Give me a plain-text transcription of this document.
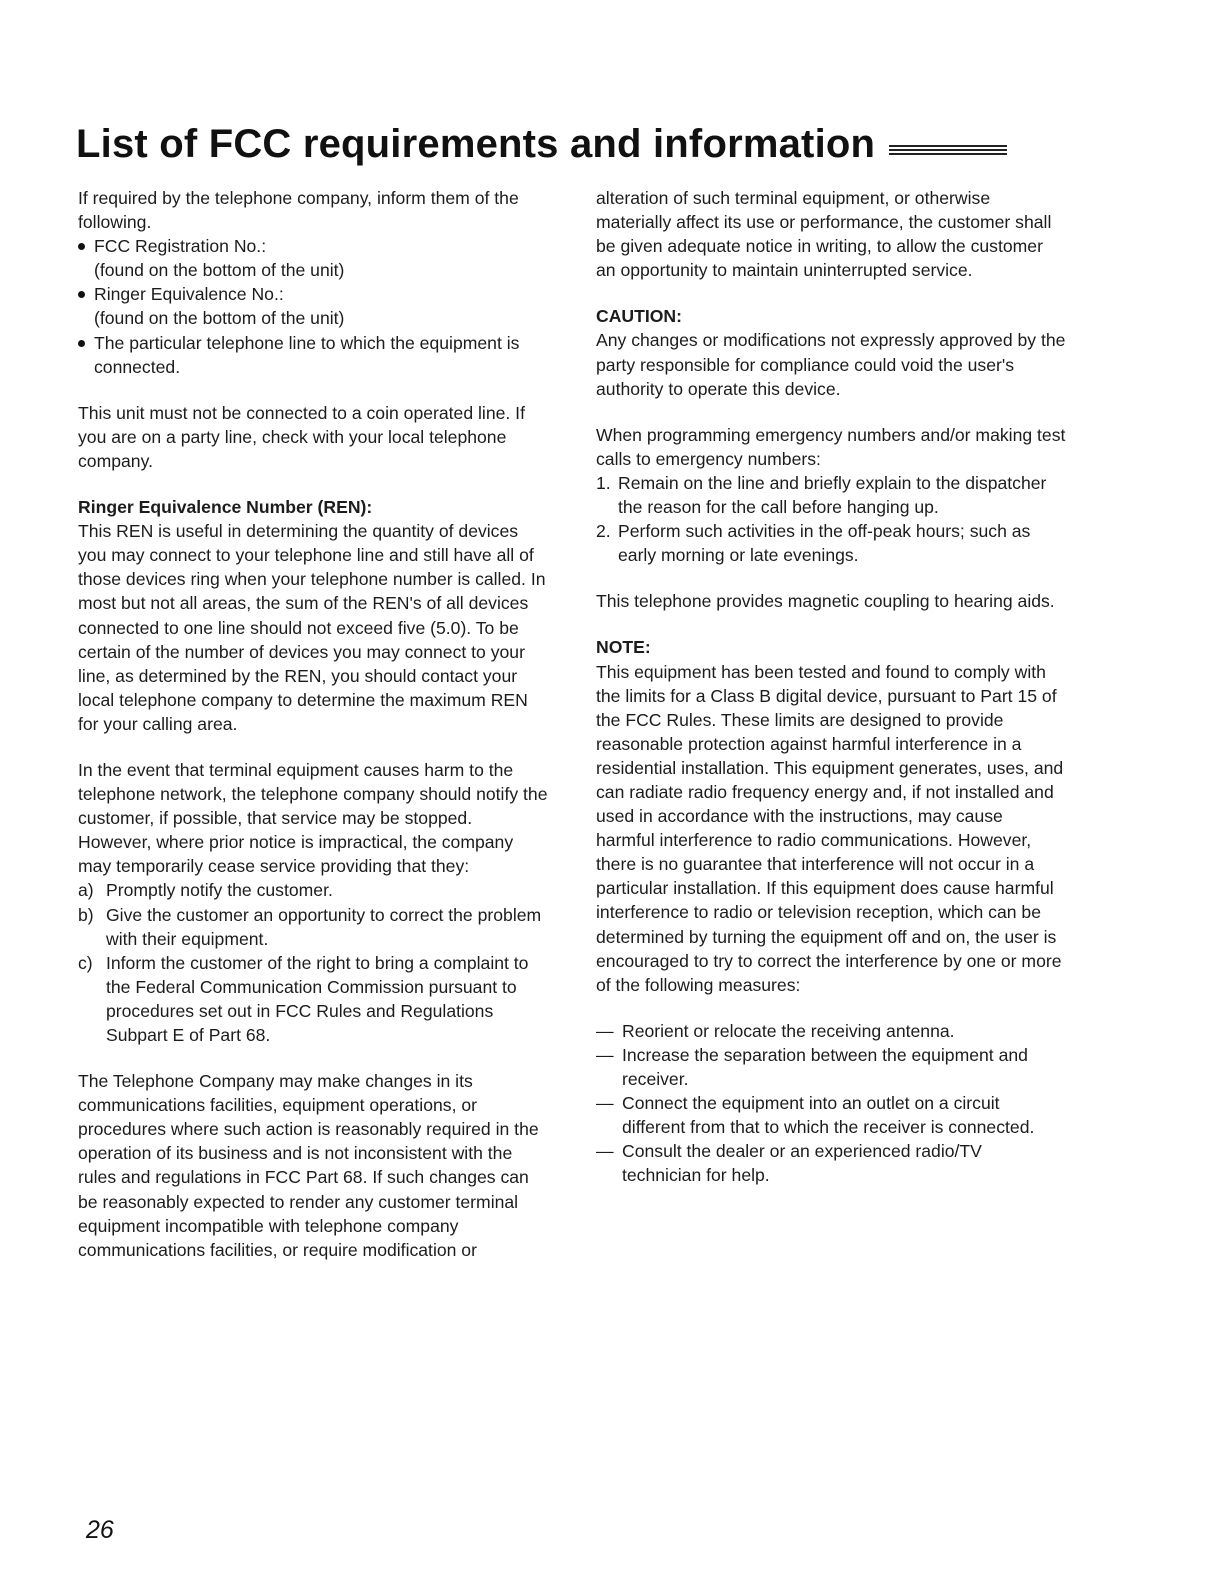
List of FCC requirements and information

If required by the telephone company, inform them of the following.

FCC Registration No.:
(found on the bottom of the unit)
Ringer Equivalence No.:
(found on the bottom of the unit)
The particular telephone line to which the equipment is connected.

This unit must not be connected to a coin operated line. If you are on a party line, check with your local telephone company.

Ringer Equivalence Number (REN):

This REN is useful in determining the quantity of devices you may connect to your telephone line and still have all of those devices ring when your telephone number is called. In most but not all areas, the sum of the REN's of all devices connected to one line should not exceed five (5.0). To be certain of the number of devices you may connect to your line, as determined by the REN, you should contact your local telephone company to determine the maximum REN for your calling area.

In the event that terminal equipment causes harm to the telephone network, the telephone company should notify the customer, if possible, that service may be stopped. However, where prior notice is impractical, the company may temporarily cease service providing that they:

a) Promptly notify the customer.
b) Give the customer an opportunity to correct the problem with their equipment.
c) Inform the customer of the right to bring a complaint to the Federal Communication Commission pursuant to procedures set out in FCC Rules and Regulations Subpart E of Part 68.

The Telephone Company may make changes in its communications facilities, equipment operations, or procedures where such action is reasonably required in the operation of its business and is not inconsistent with the rules and regulations in FCC Part 68. If such changes can be reasonably expected to render any customer terminal equipment incompatible with telephone company communications facilities, or require modification or

alteration of such terminal equipment, or otherwise materially affect its use or performance, the customer shall be given adequate notice in writing, to allow the customer an opportunity to maintain uninterrupted service.

CAUTION:

Any changes or modifications not expressly approved by the party responsible for compliance could void the user's authority to operate this device.

When programming emergency numbers and/or making test calls to emergency numbers:

1. Remain on the line and briefly explain to the dispatcher the reason for the call before hanging up.
2. Perform such activities in the off-peak hours; such as early morning or late evenings.

This telephone provides magnetic coupling to hearing aids.

NOTE:

This equipment has been tested and found to comply with the limits for a Class B digital device, pursuant to Part 15 of the FCC Rules. These limits are designed to provide reasonable protection against harmful interference in a residential installation. This equipment generates, uses, and can radiate radio frequency energy and, if not installed and used in accordance with the instructions, may cause harmful interference to radio communications. However, there is no guarantee that interference will not occur in a particular installation. If this equipment does cause harmful interference to radio or television reception, which can be determined by turning the equipment off and on, the user is encouraged to try to correct the interference by one or more of the following measures:

— Reorient or relocate the receiving antenna.
— Increase the separation between the equipment and receiver.
— Connect the equipment into an outlet on a circuit different from that to which the receiver is connected.
— Consult the dealer or an experienced radio/TV technician for help.
26
